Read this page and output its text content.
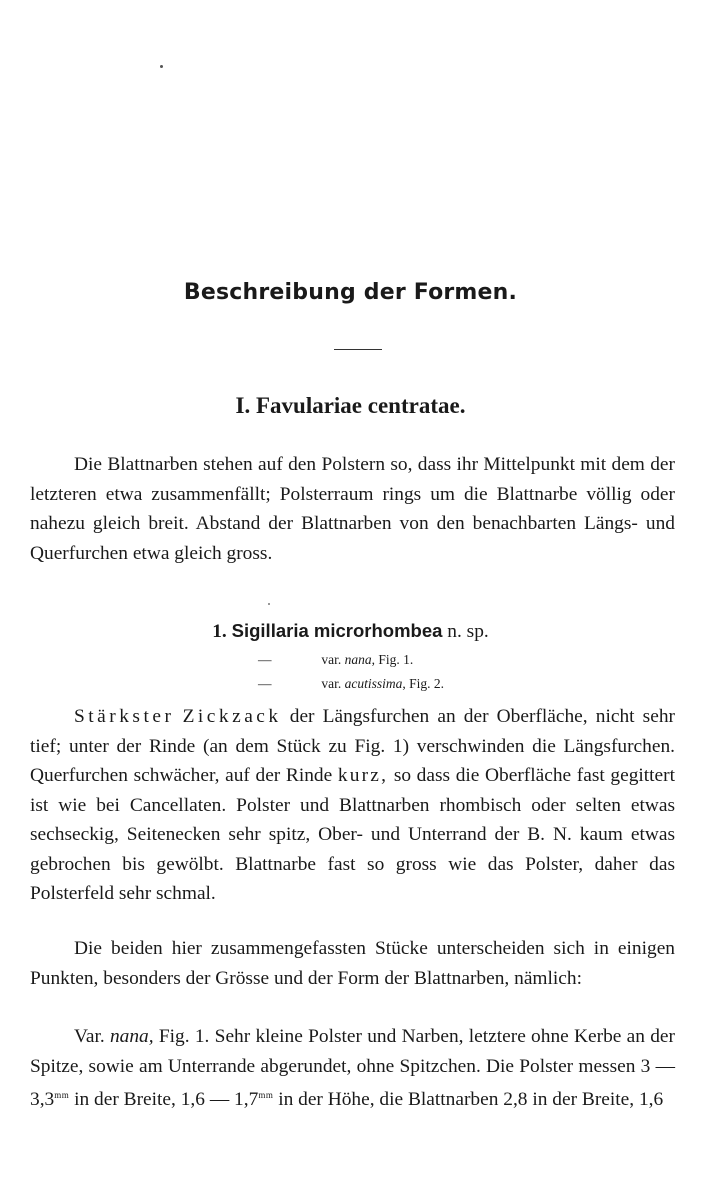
Beschreibung der Formen.
I. Favulariae centratae.

Die Blattnarben stehen auf den Polstern so, dass ihr Mittelpunkt mit dem der letzteren etwa zusammenfällt; Polsterraum rings um die Blattnarbe völlig oder nahezu gleich breit. Abstand der Blattnarben von den benachbarten Längs- und Querfurchen etwa gleich gross.

1. Sigillaria microrhombea n. sp.
—	var. nana, Fig. 1.
—	var. acutissima, Fig. 2.

Stärkster Zickzack der Längsfurchen an der Oberfläche, nicht sehr tief; unter der Rinde (an dem Stück zu Fig. 1) verschwinden die Längsfurchen. Querfurchen schwächer, auf der Rinde kurz, so dass die Oberfläche fast gegittert ist wie bei Cancellaten. Polster und Blattnarben rhombisch oder selten etwas sechseckig, Seitenecken sehr spitz, Ober- und Unterrand der B. N. kaum etwas gebrochen bis gewölbt. Blattnarbe fast so gross wie das Polster, daher das Polsterfeld sehr schmal.

Die beiden hier zusammengefassten Stücke unterscheiden sich in einigen Punkten, besonders der Grösse und der Form der Blattnarben, nämlich:

Var. nana, Fig. 1. Sehr kleine Polster und Narben, letztere ohne Kerbe an der Spitze, sowie am Unterrande abgerundet, ohne Spitzchen. Die Polster messen 3 — $3,3^{mm}$ in der Breite, 1,6 — $1,7^{mm}$ in der Höhe, die Blattnarben 2,8 in der Breite, 1,6
